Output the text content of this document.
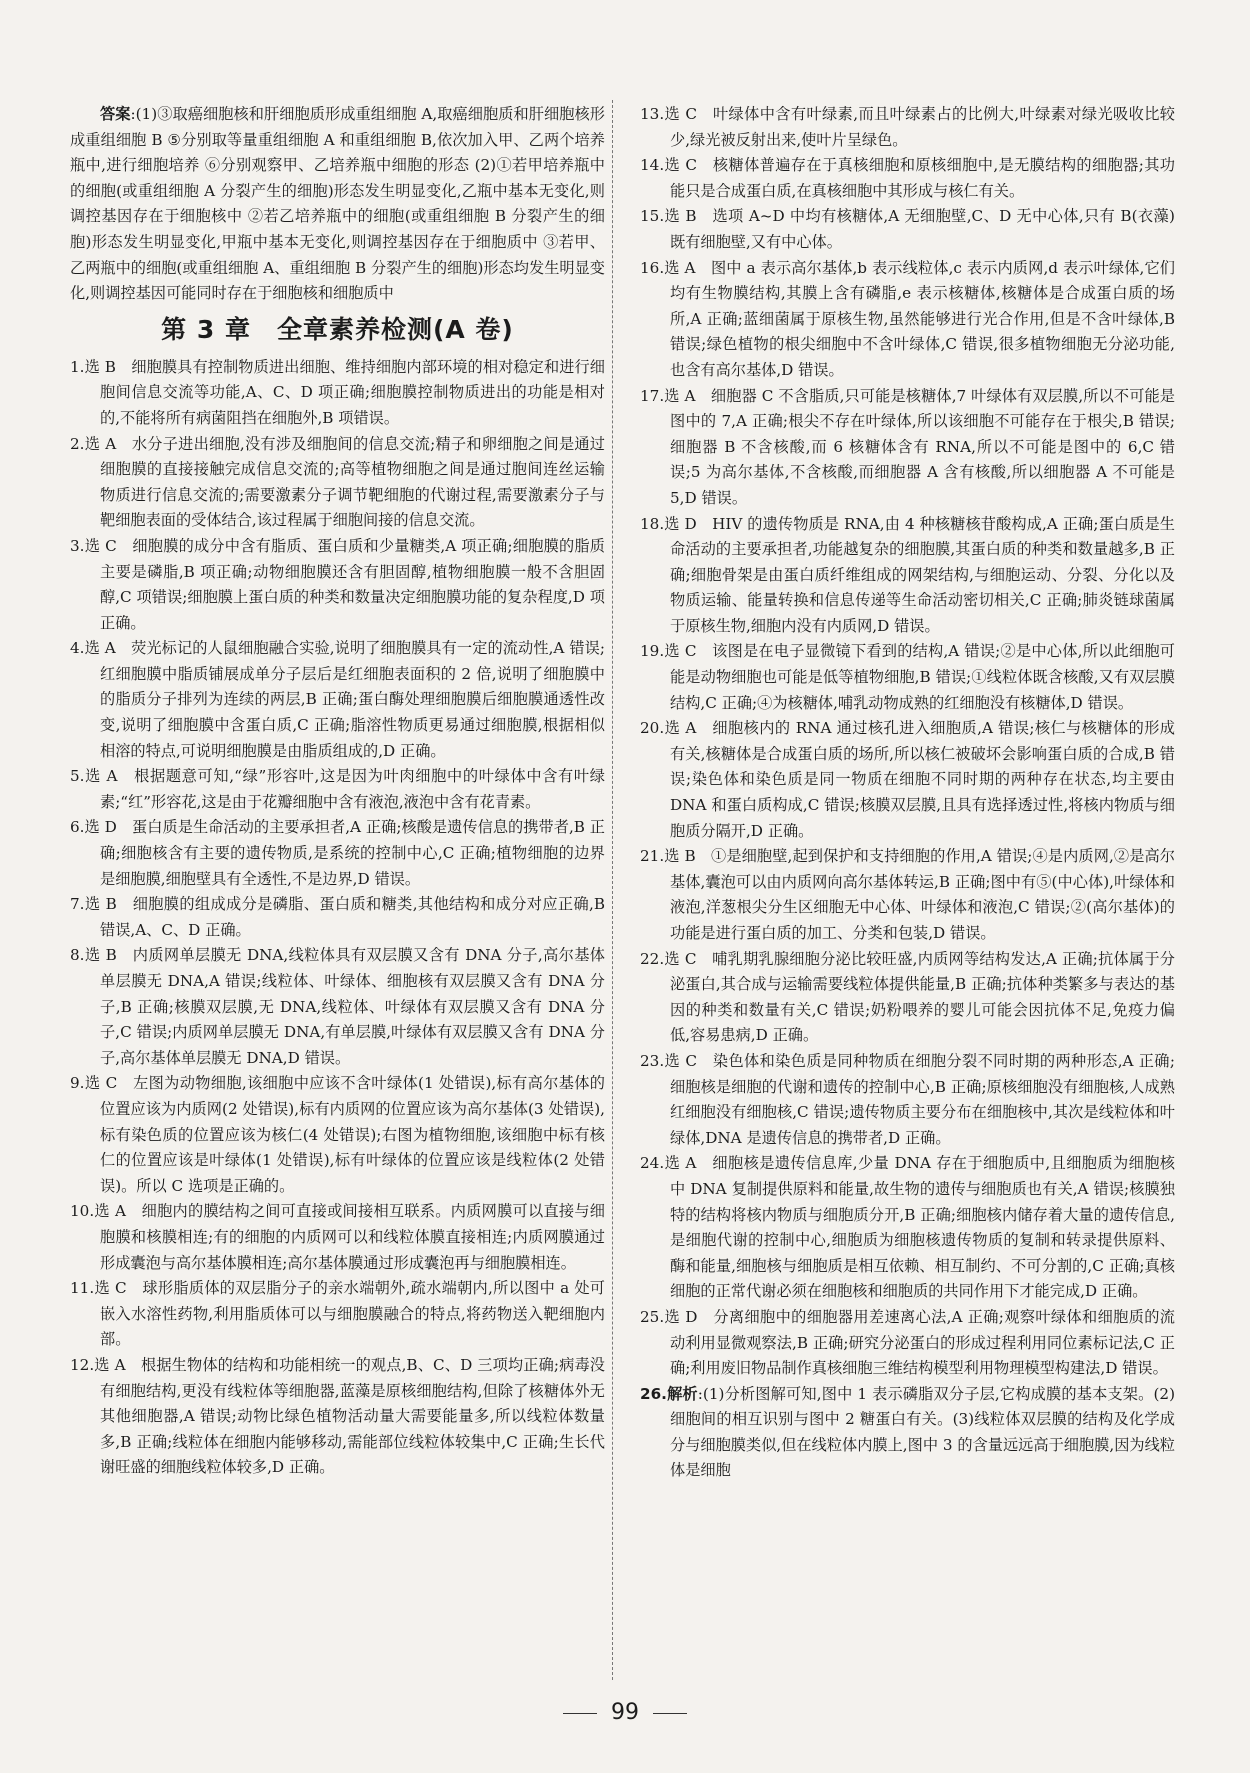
答案:(1)③取癌细胞核和肝细胞质形成重组细胞 A,取癌细胞质和肝细胞核形成重组细胞 B ⑤分别取等量重组细胞 A 和重组细胞 B,依次加入甲、乙两个培养瓶中,进行细胞培养 ⑥分别观察甲、乙培养瓶中细胞的形态 (2)①若甲培养瓶中的细胞(或重组细胞 A 分裂产生的细胞)形态发生明显变化,乙瓶中基本无变化,则调控基因存在于细胞核中 ②若乙培养瓶中的细胞(或重组细胞 B 分裂产生的细胞)形态发生明显变化,甲瓶中基本无变化,则调控基因存在于细胞质中 ③若甲、乙两瓶中的细胞(或重组细胞 A、重组细胞 B 分裂产生的细胞)形态均发生明显变化,则调控基因可能同时存在于细胞核和细胞质中

第 3 章　全章素养检测(A 卷)

1.选 B　细胞膜具有控制物质进出细胞、维持细胞内部环境的相对稳定和进行细胞间信息交流等功能,A、C、D 项正确;细胞膜控制物质进出的功能是相对的,不能将所有病菌阻挡在细胞外,B 项错误。

2.选 A　水分子进出细胞,没有涉及细胞间的信息交流;精子和卵细胞之间是通过细胞膜的直接接触完成信息交流的;高等植物细胞之间是通过胞间连丝运输物质进行信息交流的;需要激素分子调节靶细胞的代谢过程,需要激素分子与靶细胞表面的受体结合,该过程属于细胞间接的信息交流。

3.选 C　细胞膜的成分中含有脂质、蛋白质和少量糖类,A 项正确;细胞膜的脂质主要是磷脂,B 项正确;动物细胞膜还含有胆固醇,植物细胞膜一般不含胆固醇,C 项错误;细胞膜上蛋白质的种类和数量决定细胞膜功能的复杂程度,D 项正确。

4.选 A　荧光标记的人鼠细胞融合实验,说明了细胞膜具有一定的流动性,A 错误;红细胞膜中脂质铺展成单分子层后是红细胞表面积的 2 倍,说明了细胞膜中的脂质分子排列为连续的两层,B 正确;蛋白酶处理细胞膜后细胞膜通透性改变,说明了细胞膜中含蛋白质,C 正确;脂溶性物质更易通过细胞膜,根据相似相溶的特点,可说明细胞膜是由脂质组成的,D 正确。

5.选 A　根据题意可知,“绿”形容叶,这是因为叶肉细胞中的叶绿体中含有叶绿素;“红”形容花,这是由于花瓣细胞中含有液泡,液泡中含有花青素。

6.选 D　蛋白质是生命活动的主要承担者,A 正确;核酸是遗传信息的携带者,B 正确;细胞核含有主要的遗传物质,是系统的控制中心,C 正确;植物细胞的边界是细胞膜,细胞壁具有全透性,不是边界,D 错误。

7.选 B　细胞膜的组成成分是磷脂、蛋白质和糖类,其他结构和成分对应正确,B 错误,A、C、D 正确。

8.选 B　内质网单层膜无 DNA,线粒体具有双层膜又含有 DNA 分子,高尔基体单层膜无 DNA,A 错误;线粒体、叶绿体、细胞核有双层膜又含有 DNA 分子,B 正确;核膜双层膜,无 DNA,线粒体、叶绿体有双层膜又含有 DNA 分子,C 错误;内质网单层膜无 DNA,有单层膜,叶绿体有双层膜又含有 DNA 分子,高尔基体单层膜无 DNA,D 错误。

9.选 C　左图为动物细胞,该细胞中应该不含叶绿体(1 处错误),标有高尔基体的位置应该为内质网(2 处错误),标有内质网的位置应该为高尔基体(3 处错误),标有染色质的位置应该为核仁(4 处错误);右图为植物细胞,该细胞中标有核仁的位置应该是叶绿体(1 处错误),标有叶绿体的位置应该是线粒体(2 处错误)。所以 C 选项是正确的。

10.选 A　细胞内的膜结构之间可直接或间接相互联系。内质网膜可以直接与细胞膜和核膜相连;有的细胞的内质网可以和线粒体膜直接相连;内质网膜通过形成囊泡与高尔基体膜相连;高尔基体膜通过形成囊泡再与细胞膜相连。

11.选 C　球形脂质体的双层脂分子的亲水端朝外,疏水端朝内,所以图中 a 处可嵌入水溶性药物,利用脂质体可以与细胞膜融合的特点,将药物送入靶细胞内部。

12.选 A　根据生物体的结构和功能相统一的观点,B、C、D 三项均正确;病毒没有细胞结构,更没有线粒体等细胞器,蓝藻是原核细胞结构,但除了核糖体外无其他细胞器,A 错误;动物比绿色植物活动量大需要能量多,所以线粒体数量多,B 正确;线粒体在细胞内能够移动,需能部位线粒体较集中,C 正确;生长代谢旺盛的细胞线粒体较多,D 正确。

13.选 C　叶绿体中含有叶绿素,而且叶绿素占的比例大,叶绿素对绿光吸收比较少,绿光被反射出来,使叶片呈绿色。

14.选 C　核糖体普遍存在于真核细胞和原核细胞中,是无膜结构的细胞器;其功能只是合成蛋白质,在真核细胞中其形成与核仁有关。

15.选 B　选项 A~D 中均有核糖体,A 无细胞壁,C、D 无中心体,只有 B(衣藻)既有细胞壁,又有中心体。

16.选 A　图中 a 表示高尔基体,b 表示线粒体,c 表示内质网,d 表示叶绿体,它们均有生物膜结构,其膜上含有磷脂,e 表示核糖体,核糖体是合成蛋白质的场所,A 正确;蓝细菌属于原核生物,虽然能够进行光合作用,但是不含叶绿体,B 错误;绿色植物的根尖细胞中不含叶绿体,C 错误,很多植物细胞无分泌功能,也含有高尔基体,D 错误。

17.选 A　细胞器 C 不含脂质,只可能是核糖体,7 叶绿体有双层膜,所以不可能是图中的 7,A 正确;根尖不存在叶绿体,所以该细胞不可能存在于根尖,B 错误;细胞器 B 不含核酸,而 6 核糖体含有 RNA,所以不可能是图中的 6,C 错误;5 为高尔基体,不含核酸,而细胞器 A 含有核酸,所以细胞器 A 不可能是 5,D 错误。

18.选 D　HIV 的遗传物质是 RNA,由 4 种核糖核苷酸构成,A 正确;蛋白质是生命活动的主要承担者,功能越复杂的细胞膜,其蛋白质的种类和数量越多,B 正确;细胞骨架是由蛋白质纤维组成的网架结构,与细胞运动、分裂、分化以及物质运输、能量转换和信息传递等生命活动密切相关,C 正确;肺炎链球菌属于原核生物,细胞内没有内质网,D 错误。

19.选 C　该图是在电子显微镜下看到的结构,A 错误;②是中心体,所以此细胞可能是动物细胞也可能是低等植物细胞,B 错误;①线粒体既含核酸,又有双层膜结构,C 正确;④为核糖体,哺乳动物成熟的红细胞没有核糖体,D 错误。

20.选 A　细胞核内的 RNA 通过核孔进入细胞质,A 错误;核仁与核糖体的形成有关,核糖体是合成蛋白质的场所,所以核仁被破坏会影响蛋白质的合成,B 错误;染色体和染色质是同一物质在细胞不同时期的两种存在状态,均主要由 DNA 和蛋白质构成,C 错误;核膜双层膜,且具有选择透过性,将核内物质与细胞质分隔开,D 正确。

21.选 B　①是细胞壁,起到保护和支持细胞的作用,A 错误;④是内质网,②是高尔基体,囊泡可以由内质网向高尔基体转运,B 正确;图中有⑤(中心体),叶绿体和液泡,洋葱根尖分生区细胞无中心体、叶绿体和液泡,C 错误;②(高尔基体)的功能是进行蛋白质的加工、分类和包装,D 错误。

22.选 C　哺乳期乳腺细胞分泌比较旺盛,内质网等结构发达,A 正确;抗体属于分泌蛋白,其合成与运输需要线粒体提供能量,B 正确;抗体种类繁多与表达的基因的种类和数量有关,C 错误;奶粉喂养的婴儿可能会因抗体不足,免疫力偏低,容易患病,D 正确。

23.选 C　染色体和染色质是同种物质在细胞分裂不同时期的两种形态,A 正确;细胞核是细胞的代谢和遗传的控制中心,B 正确;原核细胞没有细胞核,人成熟红细胞没有细胞核,C 错误;遗传物质主要分布在细胞核中,其次是线粒体和叶绿体,DNA 是遗传信息的携带者,D 正确。

24.选 A　细胞核是遗传信息库,少量 DNA 存在于细胞质中,且细胞质为细胞核中 DNA 复制提供原料和能量,故生物的遗传与细胞质也有关,A 错误;核膜独特的结构将核内物质与细胞质分开,B 正确;细胞核内储存着大量的遗传信息,是细胞代谢的控制中心,细胞质为细胞核遗传物质的复制和转录提供原料、酶和能量,细胞核与细胞质是相互依赖、相互制约、不可分割的,C 正确;真核细胞的正常代谢必须在细胞核和细胞质的共同作用下才能完成,D 正确。

25.选 D　分离细胞中的细胞器用差速离心法,A 正确;观察叶绿体和细胞质的流动利用显微观察法,B 正确;研究分泌蛋白的形成过程利用同位素标记法,C 正确;利用废旧物品制作真核细胞三维结构模型利用物理模型构建法,D 错误。

26.解析:(1)分析图解可知,图中 1 表示磷脂双分子层,它构成膜的基本支架。(2)细胞间的相互识别与图中 2 糖蛋白有关。(3)线粒体双层膜的结构及化学成分与细胞膜类似,但在线粒体内膜上,图中 3 的含量远远高于细胞膜,因为线粒体是细胞

99
